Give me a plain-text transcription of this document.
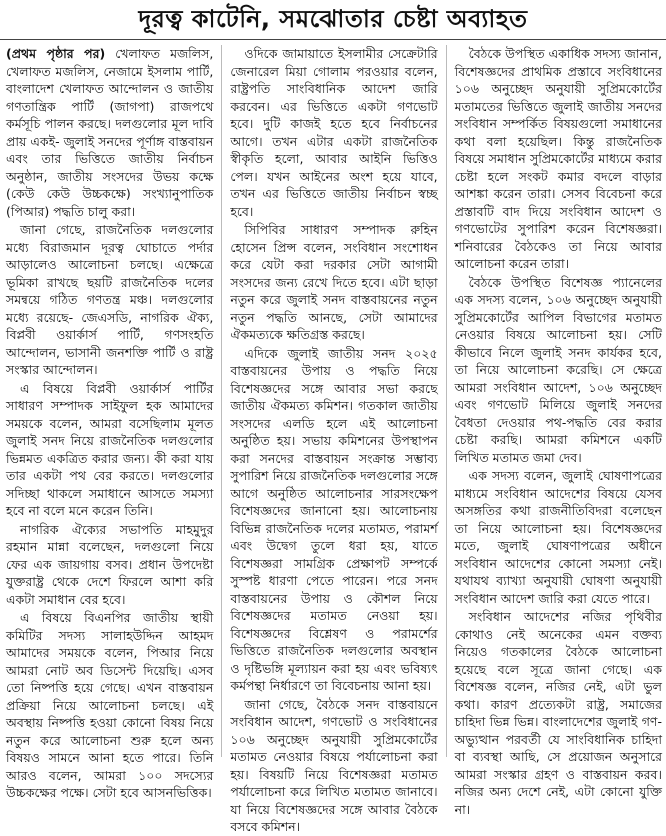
দূরত্ব কাটেনি, সমঝোতার চেষ্টা অব্যাহত

(প্রথম পৃষ্ঠার পর) খেলাফত মজলিস, খেলাফত মজলিস, নেজামে ইসলাম পার্টি, বাংলাদেশ খেলাফত আন্দোলন ও জাতীয় গণতান্ত্রিক পার্টি (জাগপা) রাজপথে কর্মসূচি পালন করছে। দলগুলোর মূল দাবি প্রায় একই- জুলাই সনদের পূর্ণাঙ্গ বাস্তবায়ন এবং তার ভিত্তিতে জাতীয় নির্বাচন অনুষ্ঠান, জাতীয় সংসদের উভয় কক্ষে (কেউ কেউ উচ্চকক্ষে) সংখ্যানুপাতিক (পিআর) পদ্ধতি চালু করা।

জানা গেছে, রাজনৈতিক দলগুলোর মধ্যে বিরাজমান দূরত্ব ঘোচাতে পর্দার আড়ালেও আলোচনা চলছে। এক্ষেত্রে ভূমিকা রাখছে ছয়টি রাজনৈতিক দলের সমন্বয়ে গঠিত গণতন্ত্র মঞ্চ। দলগুলোর মধ্যে রয়েছে- জেএসডি, নাগরিক ঐক্য, বিপ্লবী ওয়ার্কার্স পার্টি, গণসংহতি আন্দোলন, ভাসানী জনশক্তি পার্টি ও রাষ্ট্র সংস্কার আন্দোলন।

এ বিষয়ে বিপ্লবী ওয়ার্কার্স পার্টির সাধারণ সম্পাদক সাইফুল হক আমাদের সময়কে বলেন, আমরা বসেছিলাম মূলত জুলাই সনদ নিয়ে রাজনৈতিক দলগুলোর ভিন্নমত একত্রিত করার জন্য। কী করা যায় তার একটা পথ বের করতে। দলগুলোর সদিচ্ছা থাকলে সমাধানে আসতে সমস্যা হবে না বলে মনে করেন তিনি।

নাগরিক ঐক্যের সভাপতি মাহমুদুর রহমান মান্না বলেছেন, দলগুলো নিয়ে ফের এক জায়গায় বসব। প্রধান উপদেষ্টা যুক্তরাষ্ট্র থেকে দেশে ফিরলে আশা করি একটা সমাধান বের হবে।

এ বিষয়ে বিএনপির জাতীয় স্থায়ী কমিটির সদস্য সালাহউদ্দিন আহমদ আমাদের সময়কে বলেন, পিআর নিয়ে আমরা নোট অব ডিসেন্ট দিয়েছি। এসব তো নিষ্পত্তি হয়ে গেছে। এখন বাস্তবায়ন প্রক্রিয়া নিয়ে আলোচনা চলছে। এই অবস্থায় নিষ্পত্তি হওয়া কোনো বিষয় নিয়ে নতুন করে আলোচনা শুরু হলে অন্য বিষয়ও সামনে আনা হতে পারে। তিনি আরও বলেন, আমরা ১০০ সদস্যের উচ্চকক্ষের পক্ষে। সেটা হবে আসনভিত্তিক।

ওদিকে জামায়াতে ইসলামীর সেক্রেটারি জেনারেল মিয়া গোলাম পরওয়ার বলেন, রাষ্ট্রপতি সাংবিধানিক আদেশ জারি করবেন। এর ভিত্তিতে একটা গণভোট হবে। দুটি কাজই হতে হবে নির্বাচনের আগে। তখন এটার একটা রাজনৈতিক স্বীকৃতি হলো, আবার আইনি ভিত্তিও পেল। যখন আইনের অংশ হয়ে যাবে, তখন এর ভিত্তিতে জাতীয় নির্বাচন স্বচ্ছ হবে।

সিপিবির সাধারণ সম্পাদক রুহিন হোসেন প্রিন্স বলেন, সংবিধান সংশোধন করে যেটা করা দরকার সেটা আগামী সংসদের জন্য রেখে দিতে হবে। এটা ছাড়া নতুন করে জুলাই সনদ বাস্তবায়নের নতুন নতুন পদ্ধতি আনছে, সেটা আমাদের ঐকমত্যকে ক্ষতিগ্রস্ত করছে।

এদিকে জুলাই জাতীয় সনদ ২০২৫ বাস্তবায়নের উপায় ও পদ্ধতি নিয়ে বিশেষজ্ঞদের সঙ্গে আবার সভা করছে জাতীয় ঐকমত্য কমিশন। গতকাল জাতীয় সংসদের এলডি হলে এই আলোচনা অনুষ্ঠিত হয়। সভায় কমিশনের উপস্থাপন করা সনদের বাস্তবায়ন সংক্রান্ত সম্ভাব্য সুপারিশ নিয়ে রাজনৈতিক দলগুলোর সঙ্গে আগে অনুষ্ঠিত আলোচনার সারসংক্ষেপ বিশেষজ্ঞদের জানানো হয়। আলোচনায় বিভিন্ন রাজনৈতিক দলের মতামত, পরামর্শ এবং উদ্বেগ তুলে ধরা হয়, যাতে বিশেষজ্ঞরা সামগ্রিক প্রেক্ষাপট সম্পর্কে সুস্পষ্ট ধারণা পেতে পারেন। পরে সনদ বাস্তবায়নের উপায় ও কৌশল নিয়ে বিশেষজ্ঞদের মতামত নেওয়া হয়। বিশেষজ্ঞদের বিশ্লেষণ ও পরামর্শের ভিত্তিতে রাজনৈতিক দলগুলোর অবস্থান ও দৃষ্টিভঙ্গি মূল্যায়ন করা হয় এবং ভবিষ্যৎ কর্মপন্থা নির্ধারণে তা বিবেচনায় আনা হয়।

জানা গেছে, বৈঠকে সনদ বাস্তবায়নে সংবিধান আদেশ, গণভোট ও সংবিধানের ১০৬ অনুচ্ছেদ অনুযায়ী সুপ্রিমকোর্টের মতামত নেওয়ার বিষয়ে পর্যালোচনা করা হয়। বিষয়টি নিয়ে বিশেষজ্ঞরা মতামত পর্যালোচনা করে লিখিত মতামত জানাবে। যা নিয়ে বিশেষজ্ঞদের সঙ্গে আবার বৈঠকে বসবে কমিশন।

বৈঠকে উপস্থিত একাধিক সদস্য জানান, বিশেষজ্ঞদের প্রাথমিক প্রস্তাবে সংবিধানের ১০৬ অনুচ্ছেদ অনুযায়ী সুপ্রিমকোর্টের মতামতের ভিত্তিতে জুলাই জাতীয় সনদের সংবিধান সম্পর্কিত বিষয়গুলো সমাধানের কথা বলা হয়েছিল। কিন্তু রাজনৈতিক বিষয়ে সমাধান সুপ্রিমকোর্টের মাধ্যমে করার চেষ্টা হলে সংকট কমার বদলে বাড়ার আশঙ্কা করেন তারা। সেসব বিবেচনা করে প্রস্তাবটি বাদ দিয়ে সংবিধান আদেশ ও গণভোটের সুপারিশ করেন বিশেষজ্ঞরা। শনিবারের বৈঠকেও তা নিয়ে আবার আলোচনা করেন তারা।

বৈঠকে উপস্থিত বিশেষজ্ঞ প্যানেলের এক সদস্য বলেন, ১০৬ অনুচ্ছেদ অনুযায়ী সুপ্রিমকোর্টের আপিল বিভাগের মতামত নেওয়ার বিষয়ে আলোচনা হয়। সেটি কীভাবে নিলে জুলাই সনদ কার্যকর হবে, তা নিয়ে আলোচনা করেছি। সে ক্ষেত্রে আমরা সংবিধান আদেশ, ১০৬ অনুচ্ছেদ এবং গণভোট মিলিয়ে জুলাই সনদের বৈধতা দেওয়ার পথ-পদ্ধতি বের করার চেষ্টা করছি। আমরা কমিশনে একটি লিখিত মতামত জমা দেব।

এক সদস্য বলেন, জুলাই ঘোষণাপত্রের মাধ্যমে সংবিধান আদেশের বিষয়ে যেসব অসঙ্গতির কথা রাজনীতিবিদরা বলেছেন তা নিয়ে আলোচনা হয়। বিশেষজ্ঞদের মতে, জুলাই ঘোষণাপত্রের অধীনে সংবিধান আদেশের কোনো সমস্যা নেই। যথাযথ ব্যাখ্যা অনুযায়ী ঘোষণা অনুযায়ী সংবিধান আদেশ জারি করা যেতে পারে।

সংবিধান আদেশের নজির পৃথিবীর কোথাও নেই অনেকের এমন বক্তব্য নিয়েও গতকালের বৈঠকে আলোচনা হয়েছে বলে সূত্রে জানা গেছে। এক বিশেষজ্ঞ বলেন, নজির নেই, এটা ভুল কথা। কারণ প্রত্যেকটা রাষ্ট্র, সমাজের চাহিদা ভিন্ন ভিন্ন। বাংলাদেশের জুলাই গণ-অভ্যুত্থান পরবর্তী যে সাংবিধানিক চাহিদা বা ব্যবস্থা আছি, সে প্রয়োজন অনুসারে আমরা সংস্কার গ্রহণ ও বাস্তবায়ন করব। নজির অন্য দেশে নেই, এটা কোনো যুক্তি না।
